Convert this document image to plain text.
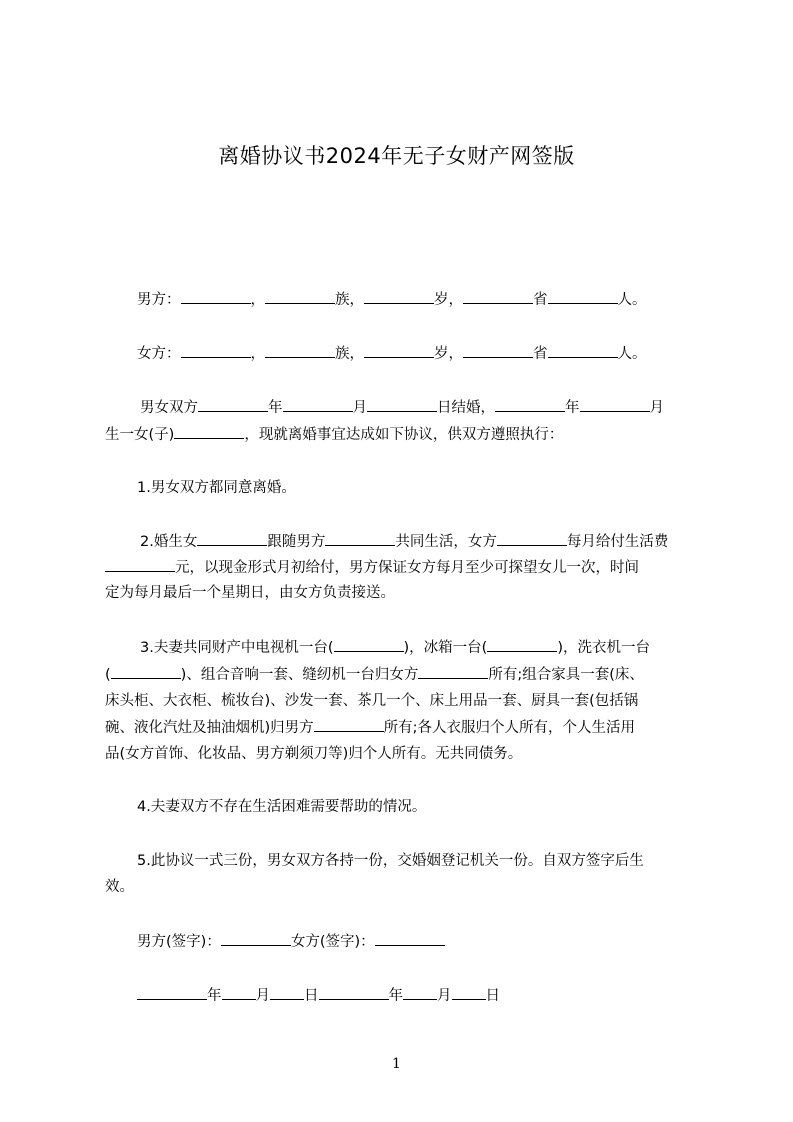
离婚协议书2024年无子女财产网签版
男方：	，	族，	岁，	省	人。
女方：	，	族，	岁，	省	人。
男女双方	年	月	日结婚，	年	月
生一女(子)	，现就离婚事宜达成如下协议，供双方遵照执行：
1.男女双方都同意离婚。
2.婚生女	跟随男方	共同生活，女方	每月给付生活费
元，以现金形式月初给付，男方保证女方每月至少可探望女儿一次，时间
定为每月最后一个星期日，由女方负责接送。
3.夫妻共同财产中电视机一台(	)，冰箱一台(	)，洗衣机一台
(	)、组合音响一套、缝纫机一台归女方	所有;组合家具一套(床、
床头柜、大衣柜、梳妆台)、沙发一套、茶几一个、床上用品一套、厨具一套(包括锅
碗、液化汽灶及抽油烟机)归男方	所有;各人衣服归个人所有，个人生活用
品(女方首饰、化妆品、男方剃须刀等)归个人所有。无共同债务。
4.夫妻双方不存在生活困难需要帮助的情况。
5.此协议一式三份，男女双方各持一份，交婚姻登记机关一份。自双方签字后生
效。
男方(签字)：	女方(签字)：
年 月 日	年 月 日
1
